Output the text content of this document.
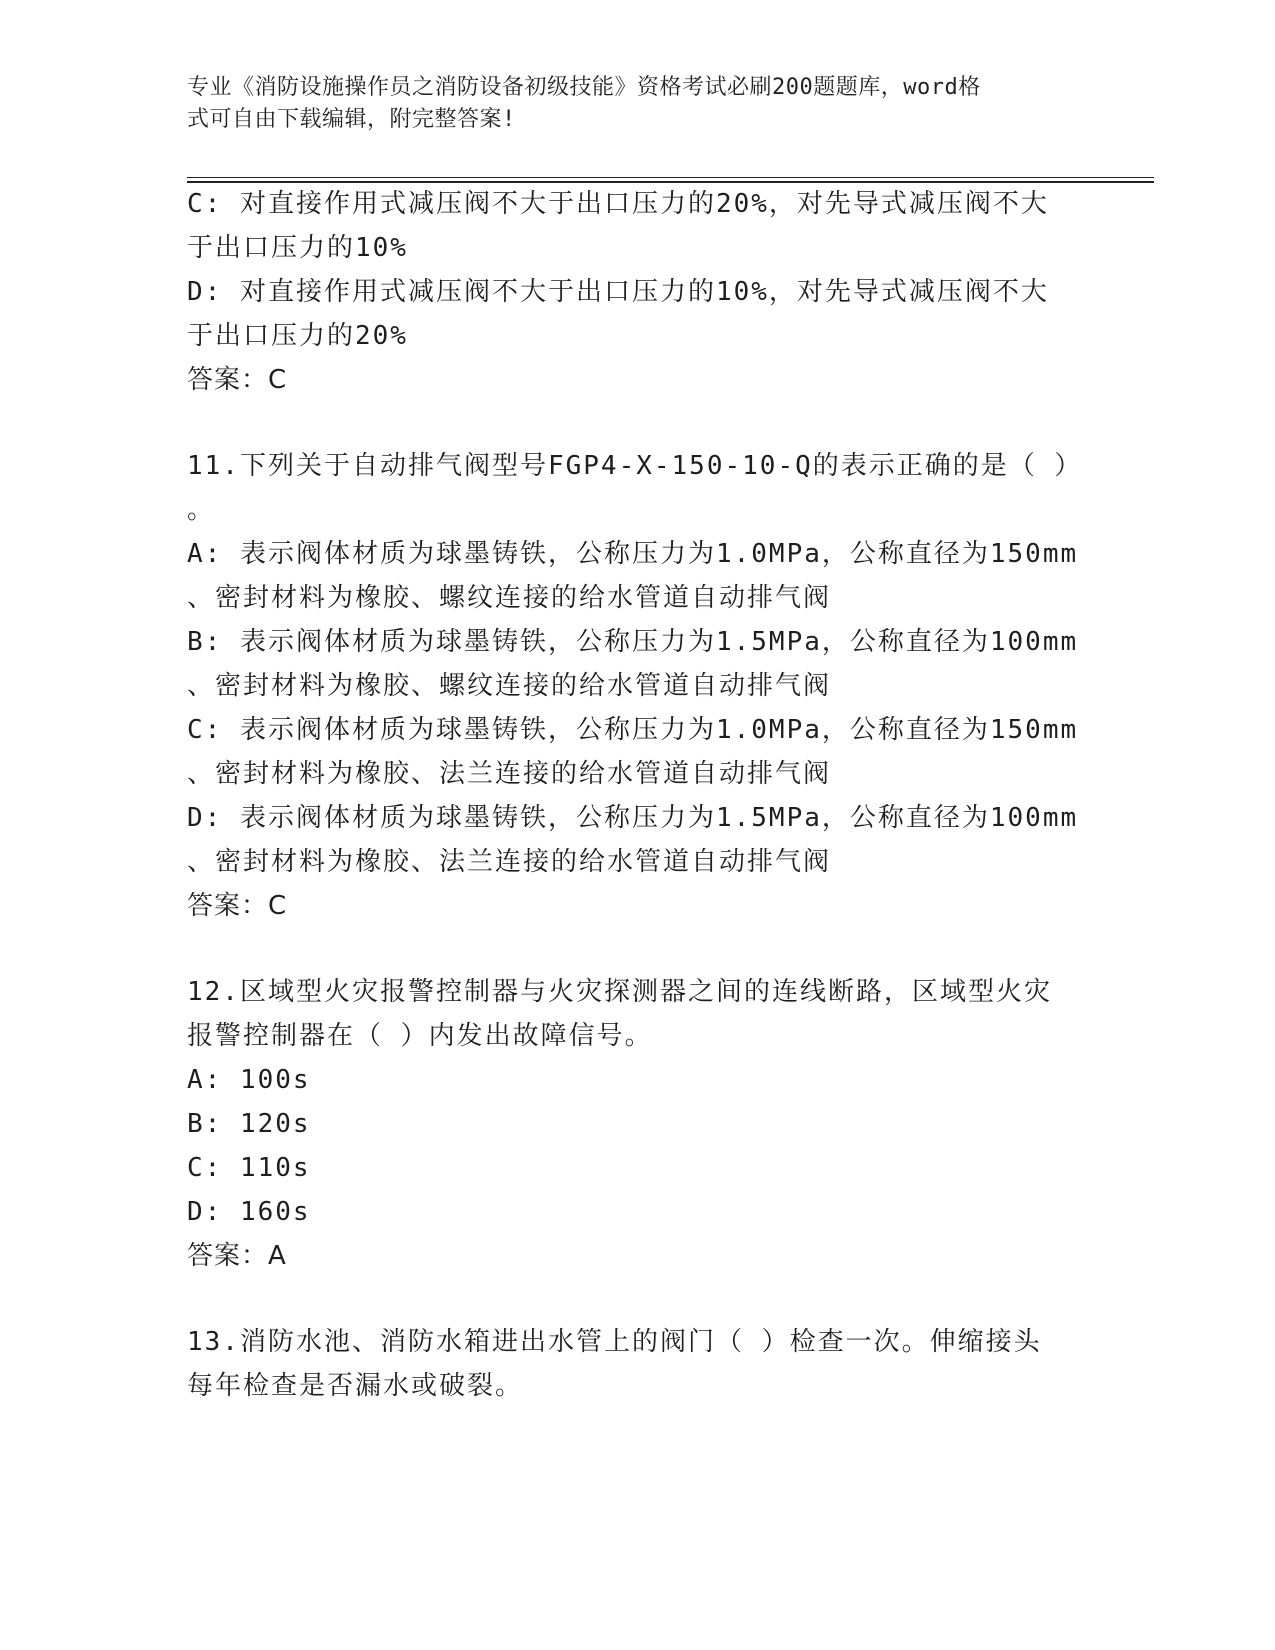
专业《消防设施操作员之消防设备初级技能》资格考试必刷200题题库，word格
式可自由下载编辑，附完整答案!
C: 对直接作用式减压阀不大于出口压力的20%，对先导式减压阀不大
于出口压力的10%
D: 对直接作用式减压阀不大于出口压力的10%，对先导式减压阀不大
于出口压力的20%
答案：C
11.下列关于自动排气阀型号FGP4-X-150-10-Q的表示正确的是（ ）
。
A: 表示阀体材质为球墨铸铁，公称压力为1.0MPa，公称直径为150mm
、密封材料为橡胶、螺纹连接的给水管道自动排气阀
B: 表示阀体材质为球墨铸铁，公称压力为1.5MPa，公称直径为100mm
、密封材料为橡胶、螺纹连接的给水管道自动排气阀
C: 表示阀体材质为球墨铸铁，公称压力为1.0MPa，公称直径为150mm
、密封材料为橡胶、法兰连接的给水管道自动排气阀
D: 表示阀体材质为球墨铸铁，公称压力为1.5MPa，公称直径为100mm
、密封材料为橡胶、法兰连接的给水管道自动排气阀
答案：C
12.区域型火灾报警控制器与火灾探测器之间的连线断路，区域型火灾
报警控制器在（ ）内发出故障信号。
A: 100s
B: 120s
C: 110s
D: 160s
答案：A
13.消防水池、消防水箱进出水管上的阀门（ ）检查一次。伸缩接头
每年检查是否漏水或破裂。
